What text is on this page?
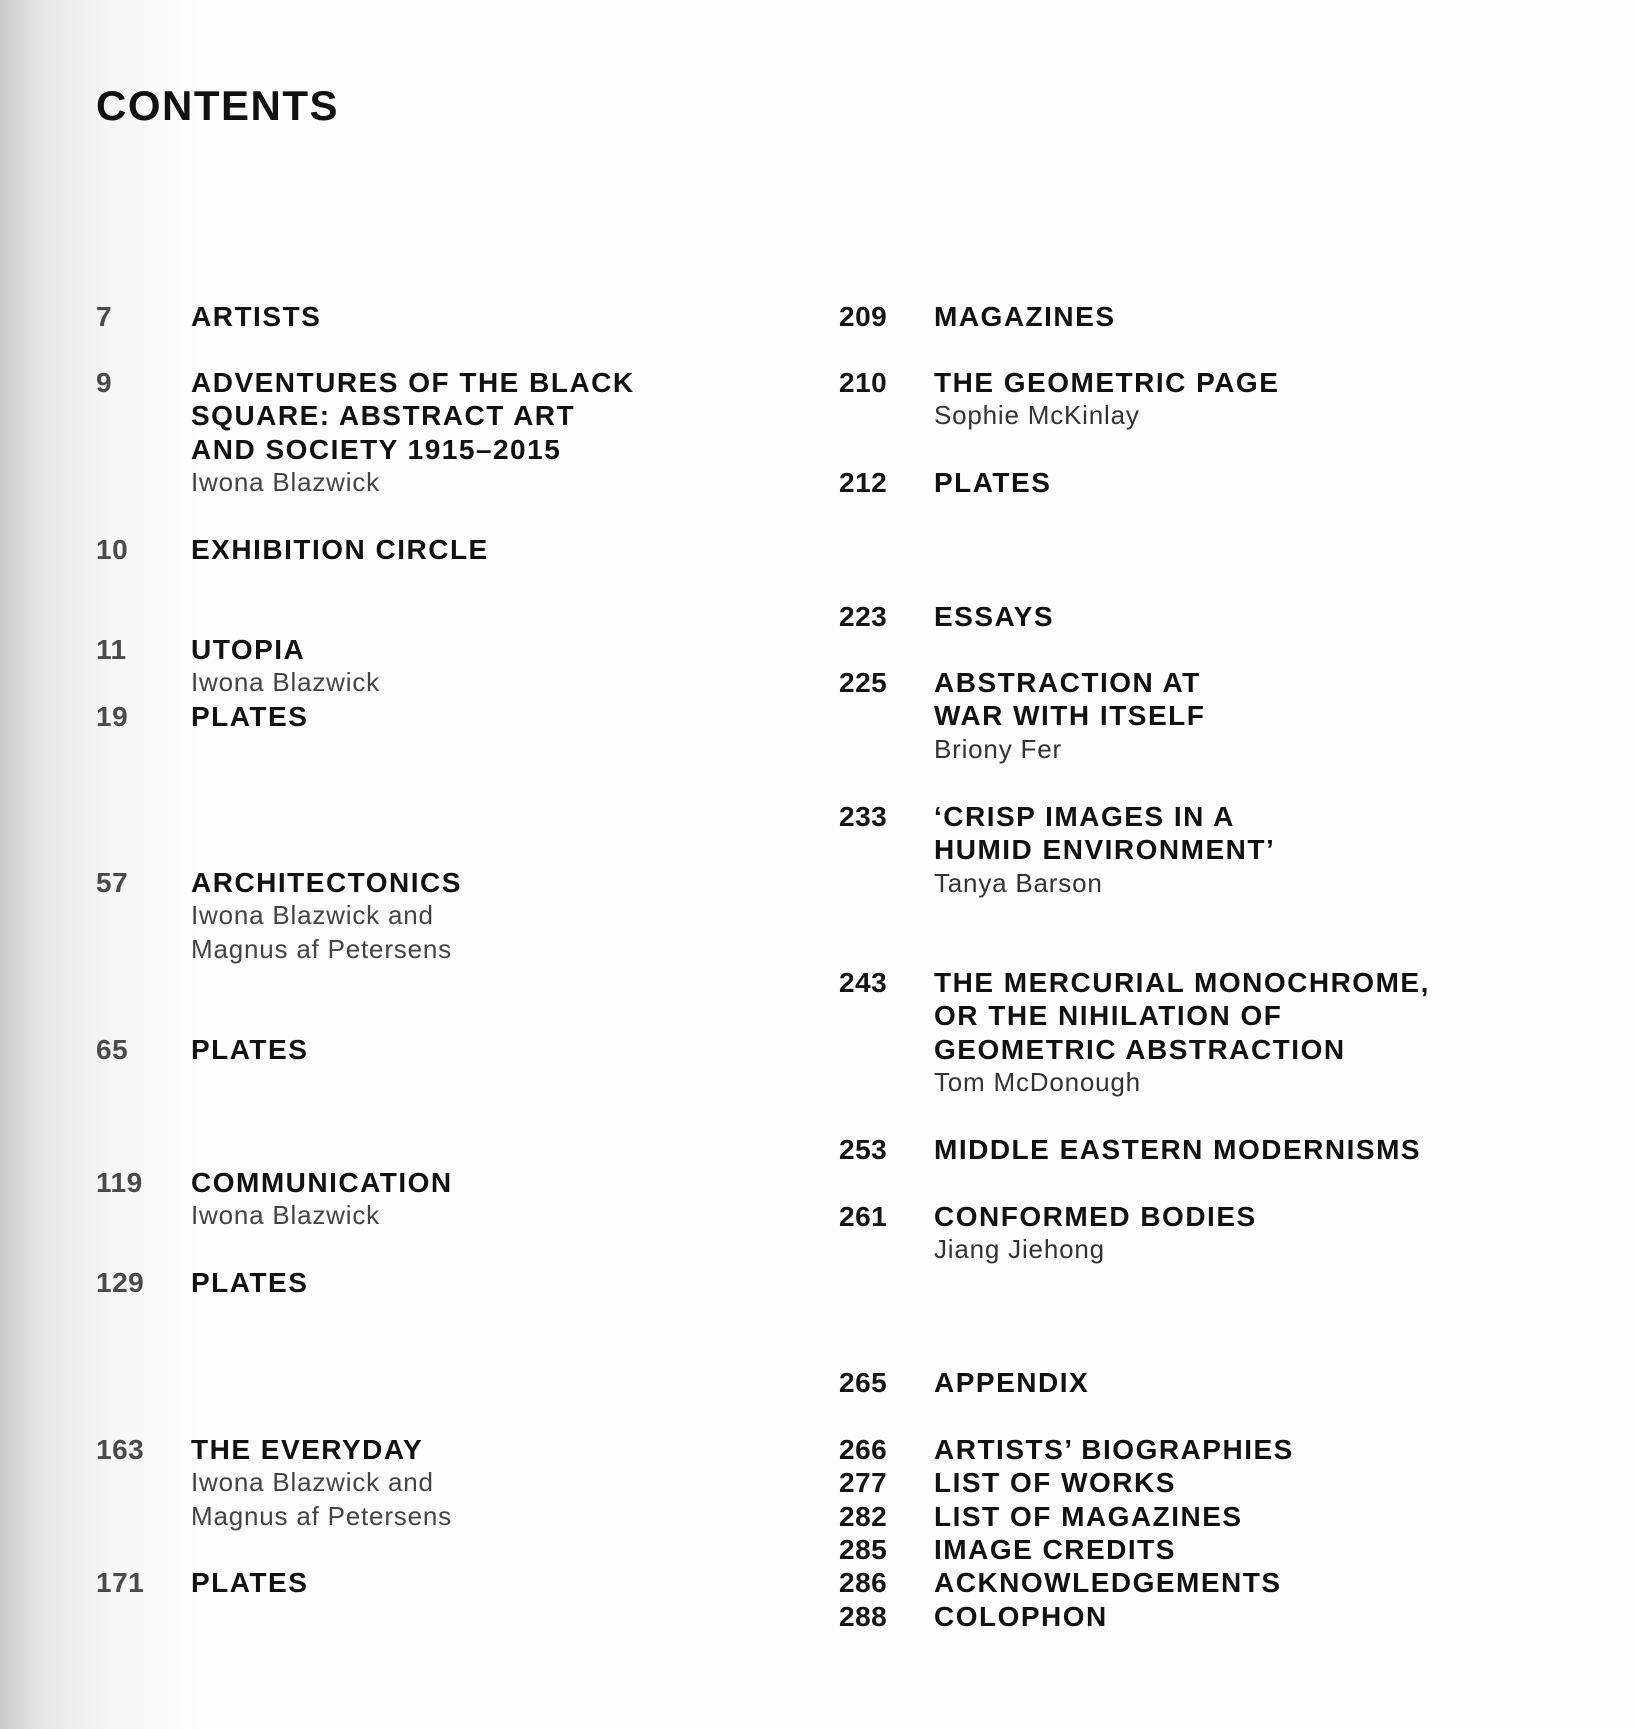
CONTENTS
7	ARTISTS

9	ADVENTURES OF THE BLACK
SQUARE: ABSTRACT ART
AND SOCIETY 1915–2015

Iwona Blazwick

10 EXHIBITION CIRCLE

11 UTOPIA

Iwona Blazwick

19 PLATES

57 ARCHITECTONICS

Iwona Blazwick and
Magnus af Petersens

65 PLATES

119 COMMUNICATION

Iwona Blazwick

129 PLATES

163 THE EVERYDAY

Iwona Blazwick and
Magnus af Petersens

171 PLATES

209 MAGAZINES

210 THE GEOMETRIC PAGE

Sophie McKinlay

212 PLATES

223 ESSAYS

225 ABSTRACTION AT
WAR WITH ITSELF

Briony Fer

233 ‘CRISP IMAGES IN A
HUMID ENVIRONMENT’

Tanya Barson

243 THE MERCURIAL MONOCHROME,
OR THE NIHILATION OF
GEOMETRIC ABSTRACTION

Tom McDonough

253 MIDDLE EASTERN MODERNISMS

261 CONFORMED BODIES

Jiang Jiehong

265 APPENDIX

266 ARTISTS’ BIOGRAPHIES

277 LIST OF WORKS

282 LIST OF MAGAZINES

285 IMAGE CREDITS

286 ACKNOWLEDGEMENTS

288 COLOPHON
